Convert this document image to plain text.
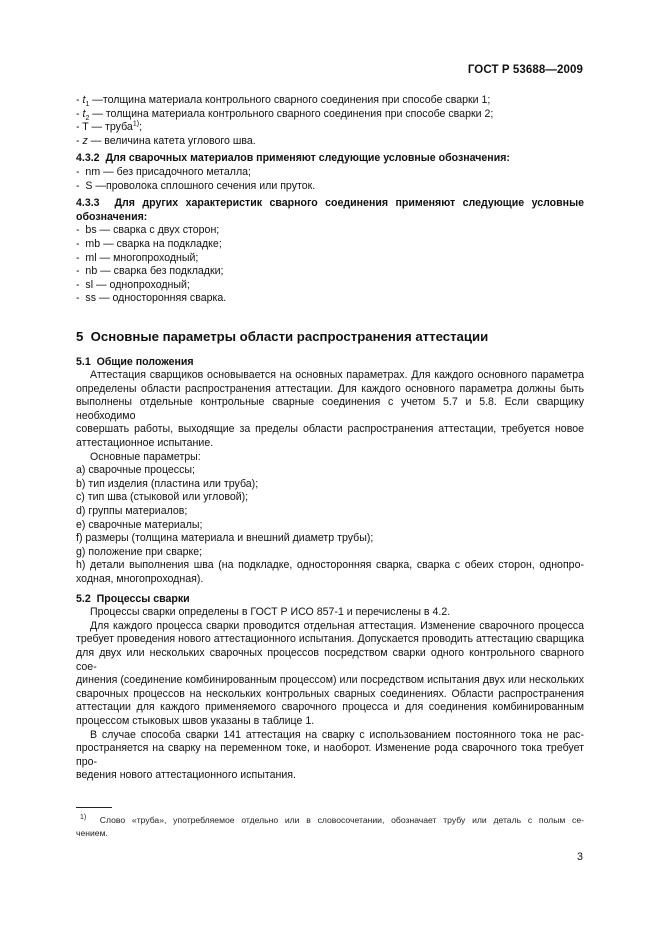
ГОСТ Р 53688—2009
- $t_1$ —толщина материала контрольного сварного соединения при способе сварки 1;
- $t_2$ — толщина материала контрольного сварного соединения при способе сварки 2;
- T — труба$^{1)}$;
- z — величина катета углового шва.
4.3.2 Для сварочных материалов применяют следующие условные обозначения:
- nm — без присадочного металла;
- S —проволока сплошного сечения или пруток.
4.3.3 Для других характеристик сварного соединения применяют следующие условные
обозначения:
- bs — сварка с двух сторон;
- mb — сварка на подкладке;
- ml — многопроходный;
- nb — сварка без подкладки;
- sl — однопроходный;
- ss — односторонняя сварка.
5 Основные параметры области распространения аттестации
5.1 Общие положения
Аттестация сварщиков основывается на основных параметрах. Для каждого основного параметра
определены области распространения аттестации. Для каждого основного параметра должны быть
выполнены отдельные контрольные сварные соединения с учетом 5.7 и 5.8. Если сварщику необходимо
совершать работы, выходящие за пределы области распространения аттестации, требуется новое
аттестационное испытание.
Основные параметры:
а) сварочные процессы;
b) тип изделия (пластина или труба);
c) тип шва (стыковой или угловой);
d) группы материалов;
е) сварочные материалы;
f) размеры (толщина материала и внешний диаметр трубы);
g) положение при сварке;
h) детали выполнения шва (на подкладке, односторонняя сварка, сварка с обеих сторон, однопро-
ходная, многопроходная).
5.2 Процессы сварки
Процессы сварки определены в ГОСТ Р ИСО 857-1 и перечислены в 4.2.
Для каждого процесса сварки проводится отдельная аттестация. Изменение сварочного процесса
требует проведения нового аттестационного испытания. Допускается проводить аттестацию сварщика
для двух или нескольких сварочных процессов посредством сварки одного контрольного сварного сое-
динения (соединение комбинированным процессом) или посредством испытания двух или нескольких
сварочных процессов на нескольких контрольных сварных соединениях. Области распространения
аттестации для каждого применяемого сварочного процесса и для соединения комбинированным
процессом стыковых швов указаны в таблице 1.
В случае способа сварки 141 аттестация на сварку с использованием постоянного тока не рас-
пространяется на сварку на переменном токе, и наоборот. Изменение рода сварочного тока требует про-
ведения нового аттестационного испытания.
$^{1)}$ Слово «труба», употребляемое отдельно или в словосочетании, обозначает трубу или деталь с полым се-
чением.
3
